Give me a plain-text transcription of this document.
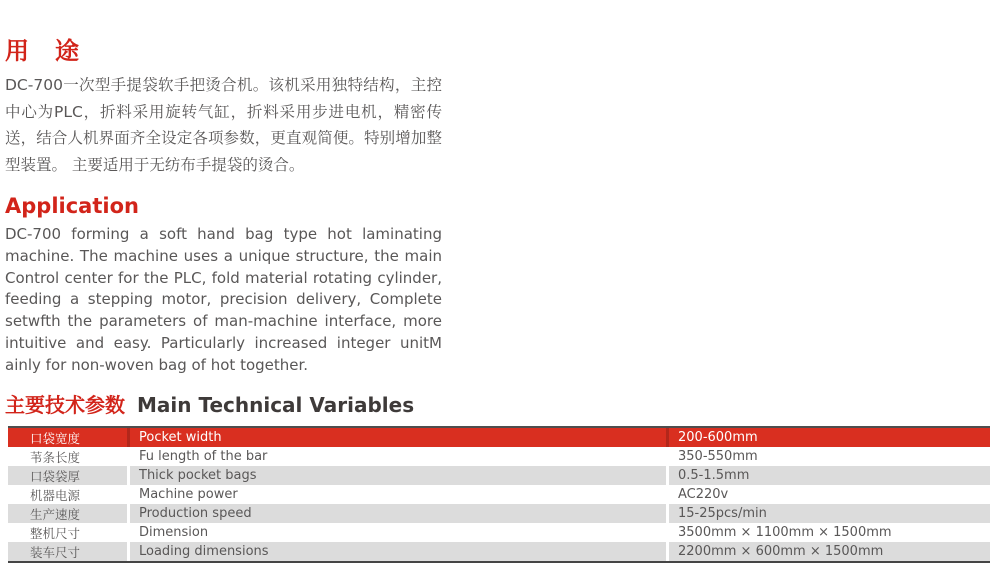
用　途
DC-700一次型手提袋软手把烫合机。该机采用独特结构，主控中心为PLC，折料采用旋转气缸，折料采用步进电机，精密传送，结合人机界面齐全设定各项参数，更直观简便。特别增加整型装置。 主要适用于无纺布手提袋的烫合。
Application
DC-700 forming a soft hand bag type hot laminating machine. The machine uses a unique structure, the main Control center for the PLC, fold material rotating cylinder, feeding a stepping motor, precision delivery, Complete setwfth the parameters of man-machine interface, more intuitive and easy. Particularly increased integer unitM ainly for non-woven bag of hot together.
主要技术参数 Main Technical Variables
口袋宽度	Pocket width	200-600mm
苇条长度	Fu length of the bar	350-550mm
口袋袋厚	Thick pocket bags	0.5-1.5mm
机器电源	Machine power	AC220v
生产速度	Production speed	15-25pcs/min
整机尺寸	Dimension	3500mm × 1100mm × 1500mm
装车尺寸	Loading dimensions	2200mm × 600mm × 1500mm
